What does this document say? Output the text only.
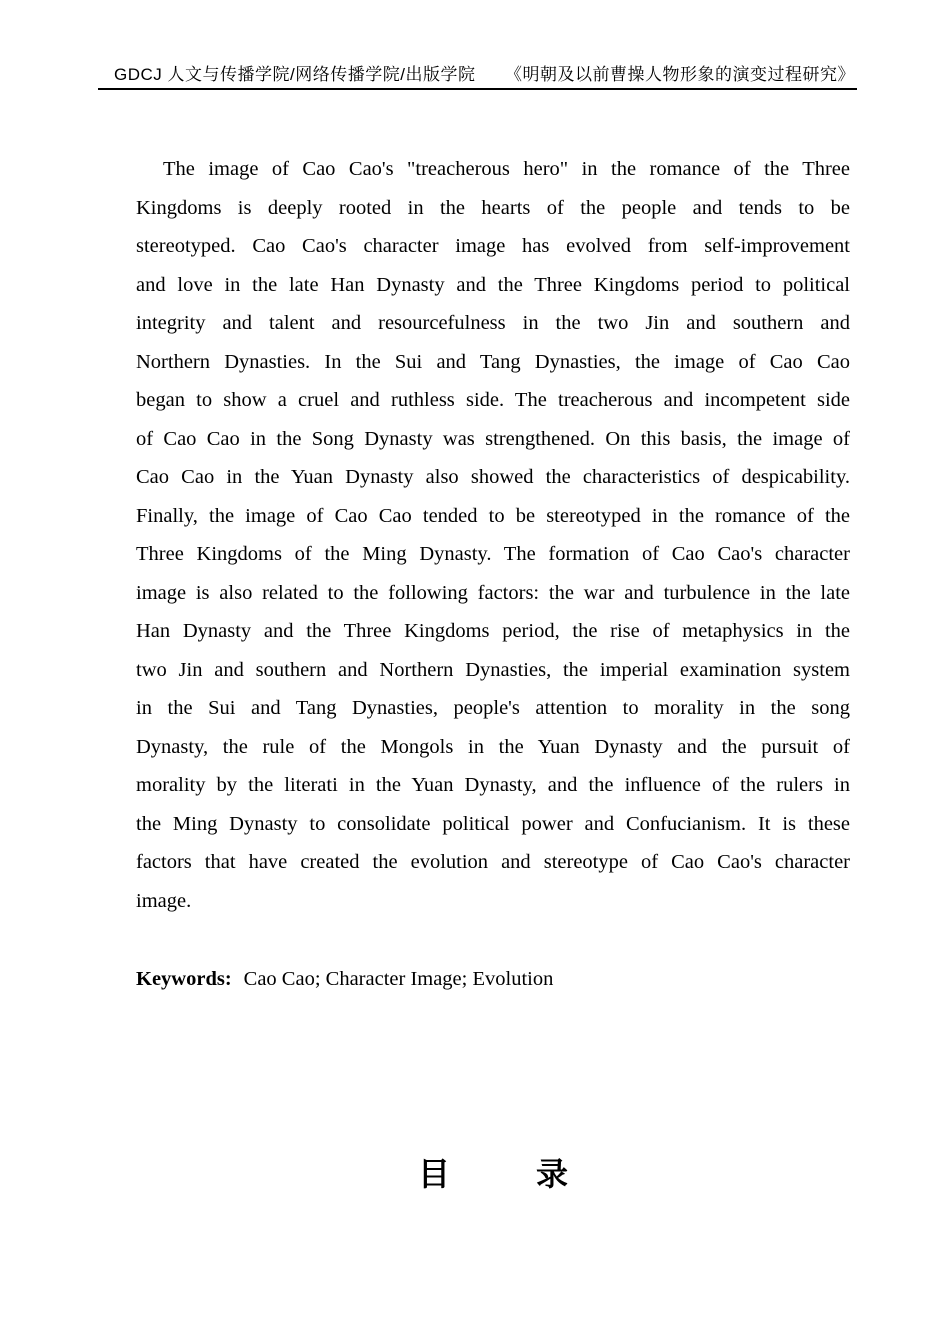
GDCJ 人文与传播学院/网络传播学院/出版学院 《明朝及以前曹操人物形象的演变过程研究》
The image of Cao Cao's "treacherous hero" in the romance of the Three
Kingdoms is deeply rooted in the hearts of the people and tends to be
stereotyped. Cao Cao's character image has evolved from self-improvement
and love in the late Han Dynasty and the Three Kingdoms period to political
integrity and talent and resourcefulness in the two Jin and southern and
Northern Dynasties. In the Sui and Tang Dynasties, the image of Cao Cao
began to show a cruel and ruthless side. The treacherous and incompetent side
of Cao Cao in the Song Dynasty was strengthened. On this basis, the image of
Cao Cao in the Yuan Dynasty also showed the characteristics of despicability.
Finally, the image of Cao Cao tended to be stereotyped in the romance of the
Three Kingdoms of the Ming Dynasty. The formation of Cao Cao's character
image is also related to the following factors: the war and turbulence in the late
Han Dynasty and the Three Kingdoms period, the rise of metaphysics in the
two Jin and southern and Northern Dynasties, the imperial examination system
in the Sui and Tang Dynasties, people's attention to morality in the song
Dynasty, the rule of the Mongols in the Yuan Dynasty and the pursuit of
morality by the literati in the Yuan Dynasty, and the influence of the rulers in
the Ming Dynasty to consolidate political power and Confucianism. It is these
factors that have created the evolution and stereotype of Cao Cao's character
image.
Keywords: Cao Cao; Character Image; Evolution
目	录
